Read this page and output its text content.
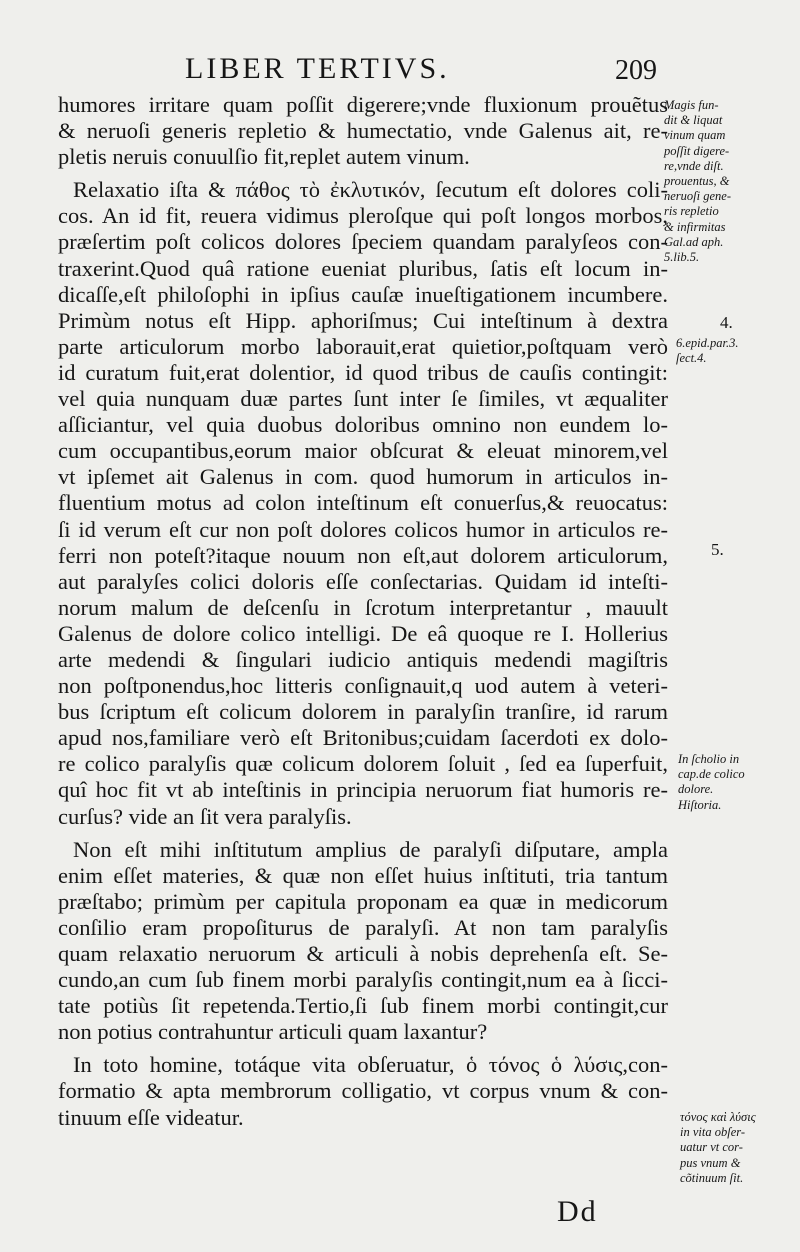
LIBER TERTIVS.	209
humores irritare quam poſſit digerere;vnde fluxionum prouẽtus
& neruoſi generis repletio & humectatio, vnde Galenus ait, re-
pletis neruis conuulſio fit,replet autem vinum.
Relaxatio iſta & πάθος τὸ ἐκλυτικόν, ſecutum eſt dolores coli-
cos. An id fit, reuera vidimus pleroſque qui poſt longos morbos,
præſertim poſt colicos dolores ſpeciem quandam paralyſeos con-
traxerint.Quod quâ ratione eueniat pluribus, ſatis eſt locum in-
dicaſſe,eſt philoſophi in ipſius cauſæ inueſtigationem incumbere.
Primùm notus eſt Hipp. aphoriſmus; Cui inteſtinum à dextra
parte articulorum morbo laborauit,erat quietior,poſtquam verò
id curatum fuit,erat dolentior, id quod tribus de cauſis contingit:
vel quia nunquam duæ partes ſunt inter ſe ſimiles, vt æqualiter
aſſiciantur, vel quia duobus doloribus omnino non eundem lo-
cum occupantibus,eorum maior obſcurat & eleuat minorem,vel
vt ipſemet ait Galenus in com. quod humorum in articulos in-
fluentium motus ad colon inteſtinum eſt conuerſus,& reuocatus:
ſi id verum eſt cur non poſt dolores colicos humor in articulos re-
ferri non poteſt?itaque nouum non eſt,aut dolorem articulorum,
aut paralyſes colici doloris eſſe conſectarias. Quidam id inteſti-
norum malum de deſcenſu in ſcrotum interpretantur , mauult
Galenus de dolore colico intelligi. De eâ quoque re I. Hollerius
arte medendi & ſingulari iudicio antiquis medendi magiſtris
non poſtponendus,hoc litteris conſignauit,q uod autem à veteri-
bus ſcriptum eſt colicum dolorem in paralyſin tranſire, id rarum
apud nos,familiare verò eſt Britonibus;cuidam ſacerdoti ex dolo-
re colico paralyſis quæ colicum dolorem ſoluit , ſed ea ſuperfuit,
quî hoc fit vt ab inteſtinis in principia neruorum fiat humoris re-
curſus? vide an ſit vera paralyſis.
Non eſt mihi inſtitutum amplius de paralyſi diſputare, ampla
enim eſſet materies, & quæ non eſſet huius inſtituti, tria tantum
præſtabo; primùm per capitula proponam ea quæ in medicorum
conſilio eram propoſiturus de paralyſi. At non tam paralyſis
quam relaxatio neruorum & articuli à nobis deprehenſa eſt. Se-
cundo,an cum ſub finem morbi paralyſis contingit,num ea à ſicci-
tate potiùs ſit repetenda.Tertio,ſi ſub finem morbi contingit,cur
non potius contrahuntur articuli quam laxantur?
In toto homine, totáque vita obſeruatur, ὁ τόνος ὁ λύσις,con-
formatio & apta membrorum colligatio, vt corpus vnum & con-
tinuum eſſe videatur.
Magis fun-
dit & liquat
vinum quam
poſſit digere-
re,vnde diſt.
prouentus, &
neruoſi gene-
ris repletio
& infirmitas
Gal.ad aph.
5.lib.5.
4.
6.epid.par.3.
ſect.4.
5.
In ſcholio in
cap.de colico
dolore.
Hiſtoria.
τόνος καὶ λύσις
in vita obſer-
uatur vt cor-
pus vnum &
cõtinuum ſit.
Dd
